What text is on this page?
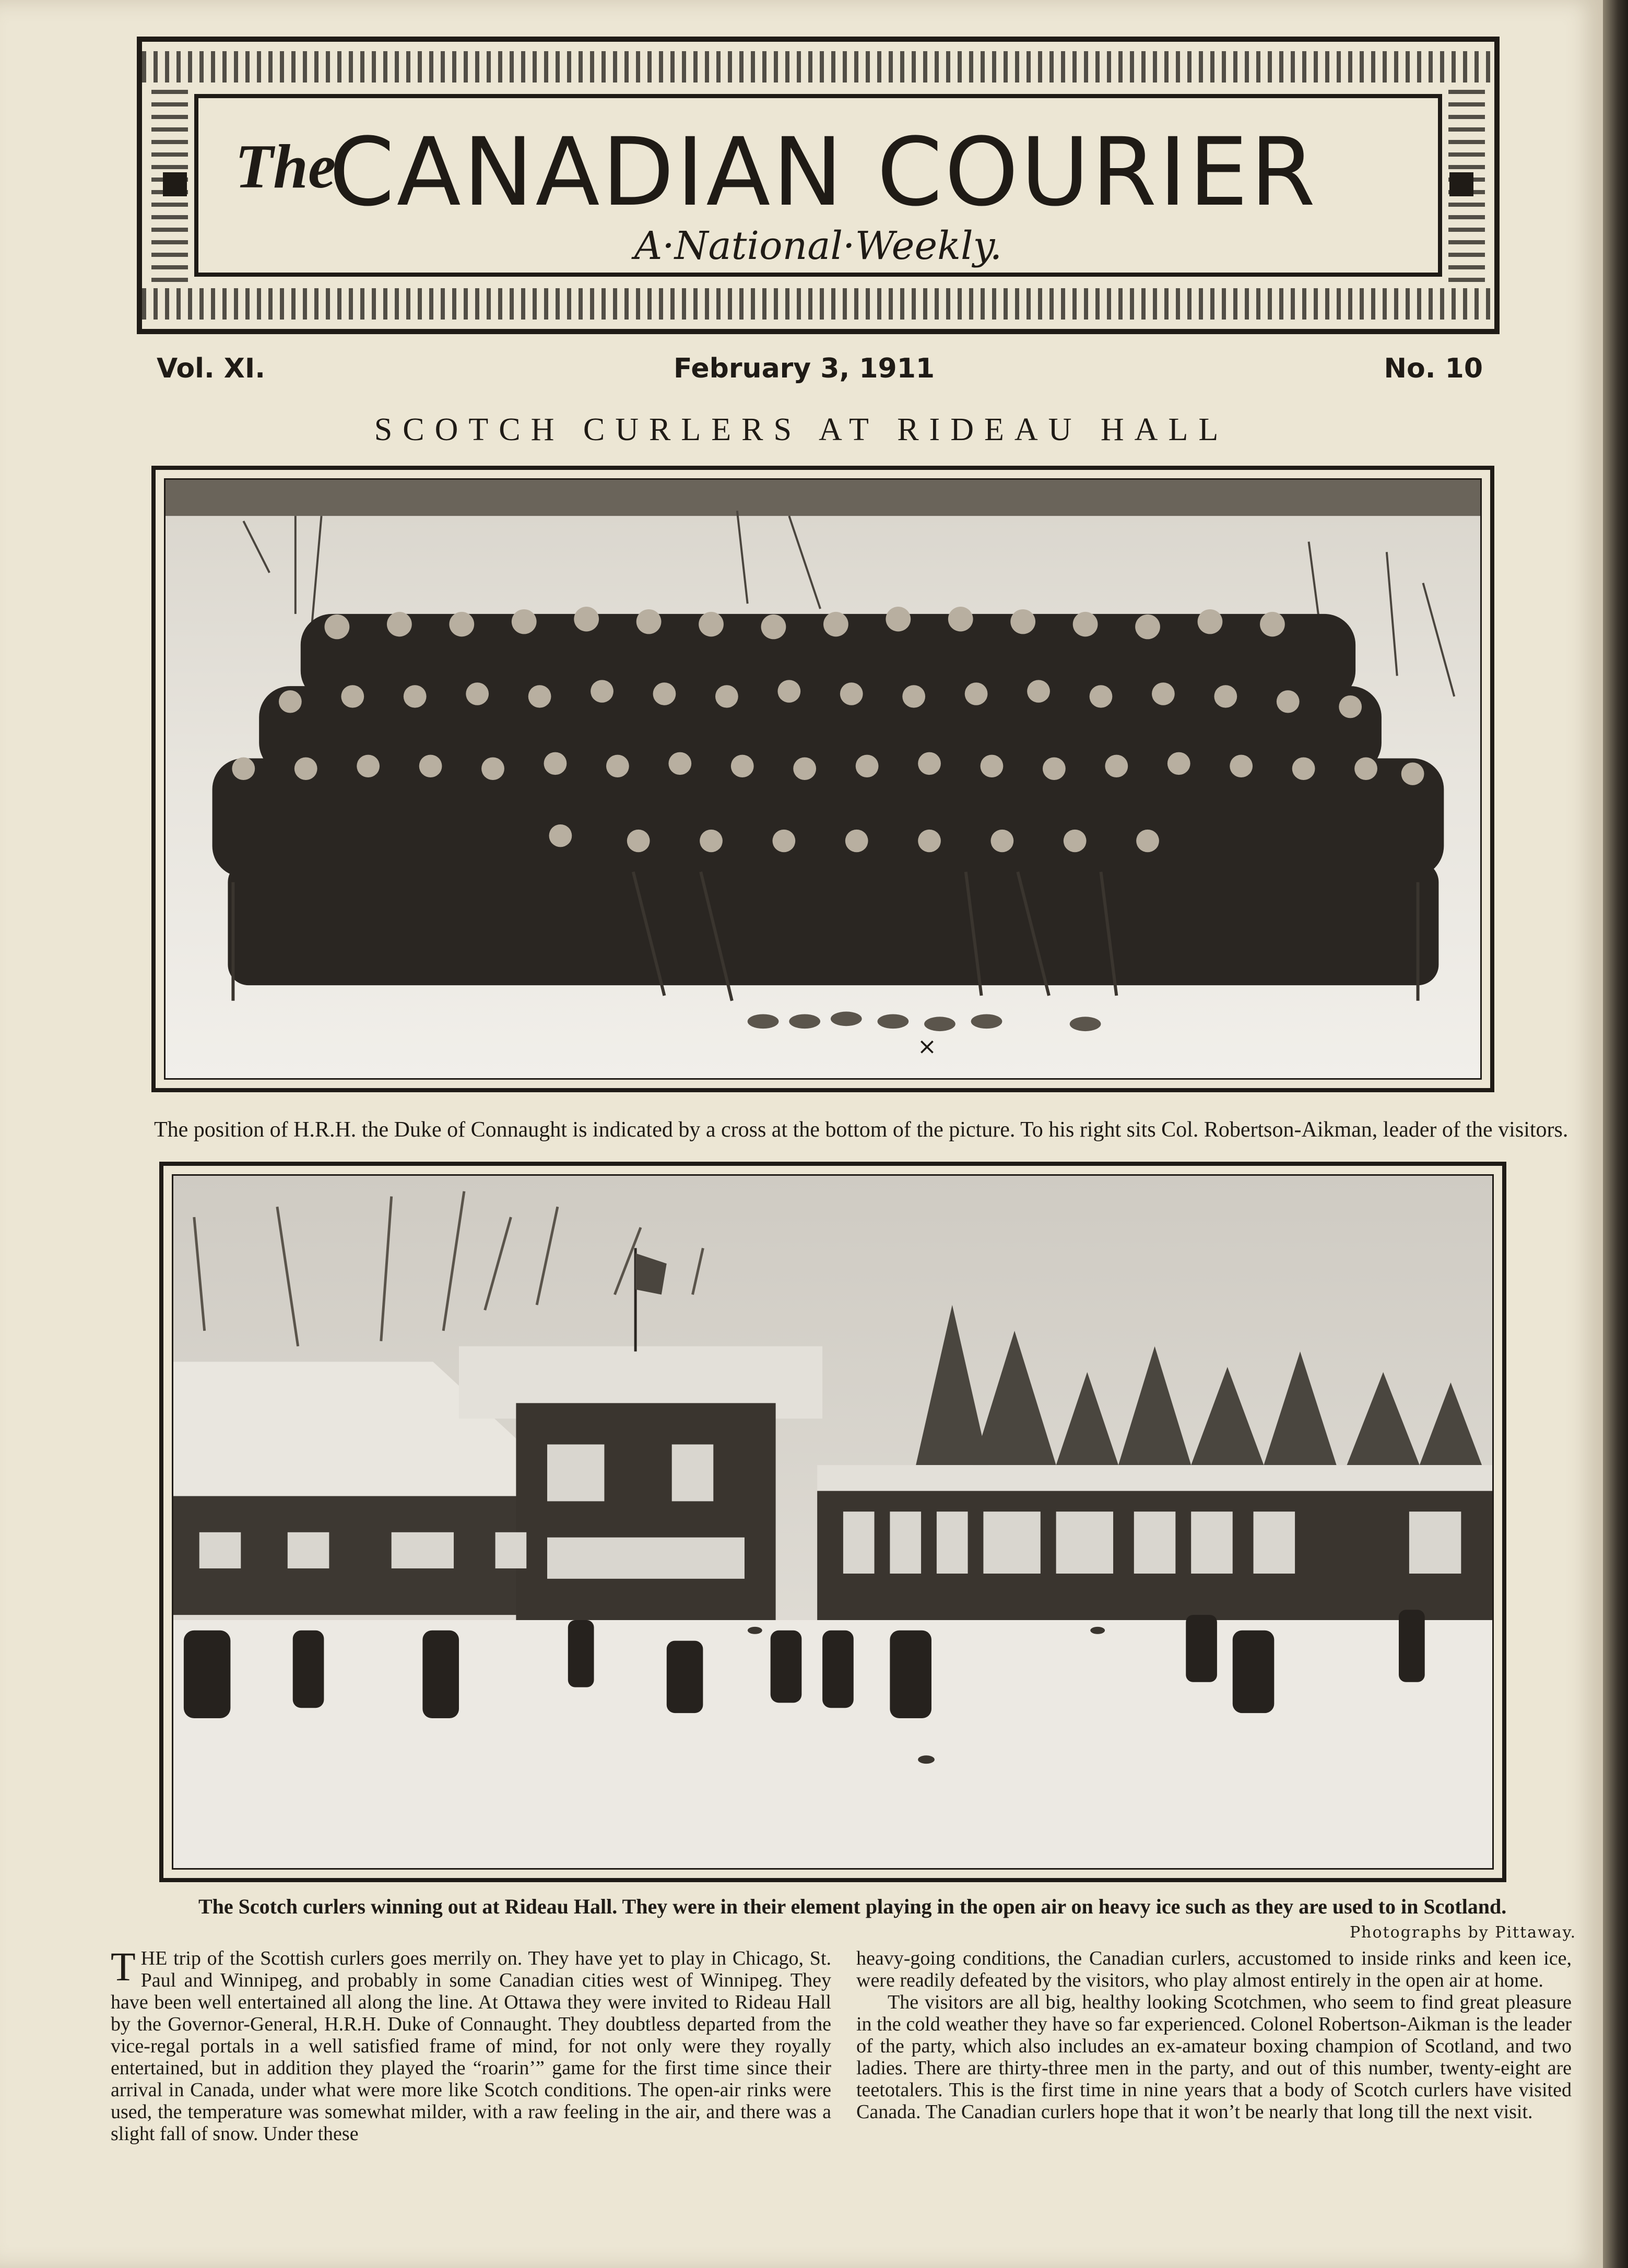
The
CANADIAN COURIER
A·National·Weekly.
Vol. XI.	February 3, 1911	No. 10
SCOTCH CURLERS AT RIDEAU HALL
×
The position of H.R.H. the Duke of Connaught is indicated by a cross at the bottom of the picture. To his right sits Col. Robertson-Aikman, leader of the visitors.
The Scotch curlers winning out at Rideau Hall. They were in their element playing in the open air on heavy ice such as they are used to in Scotland.
Photographs by Pittaway.

THE trip of the Scottish curlers goes merrily on. They have yet to play in Chicago, St. Paul and Winnipeg, and probably in some Canadian cities west of Winnipeg. They have been well entertained all along the line. At Ottawa they were invited to Rideau Hall by the Governor-General, H.R.H. Duke of Connaught. They doubtless departed from the vice-regal portals in a well satisfied frame of mind, for not only were they royally entertained, but in addition they played the “roarin’” game for the first time since their arrival in Canada, under what were more like Scotch conditions. The open-air rinks were used, the temperature was somewhat milder, with a raw feeling in the air, and there was a slight fall of snow. Under these

heavy-going conditions, the Canadian curlers, accustomed to inside rinks and keen ice, were readily defeated by the visitors, who play almost entirely in the open air at home.

The visitors are all big, healthy looking Scotchmen, who seem to find great pleasure in the cold weather they have so far experienced. Colonel Robertson-Aikman is the leader of the party, which also includes an ex-amateur boxing champion of Scotland, and two ladies. There are thirty-three men in the party, and out of this number, twenty-eight are teetotalers. This is the first time in nine years that a body of Scotch curlers have visited Canada. The Canadian curlers hope that it won’t be nearly that long till the next visit.
